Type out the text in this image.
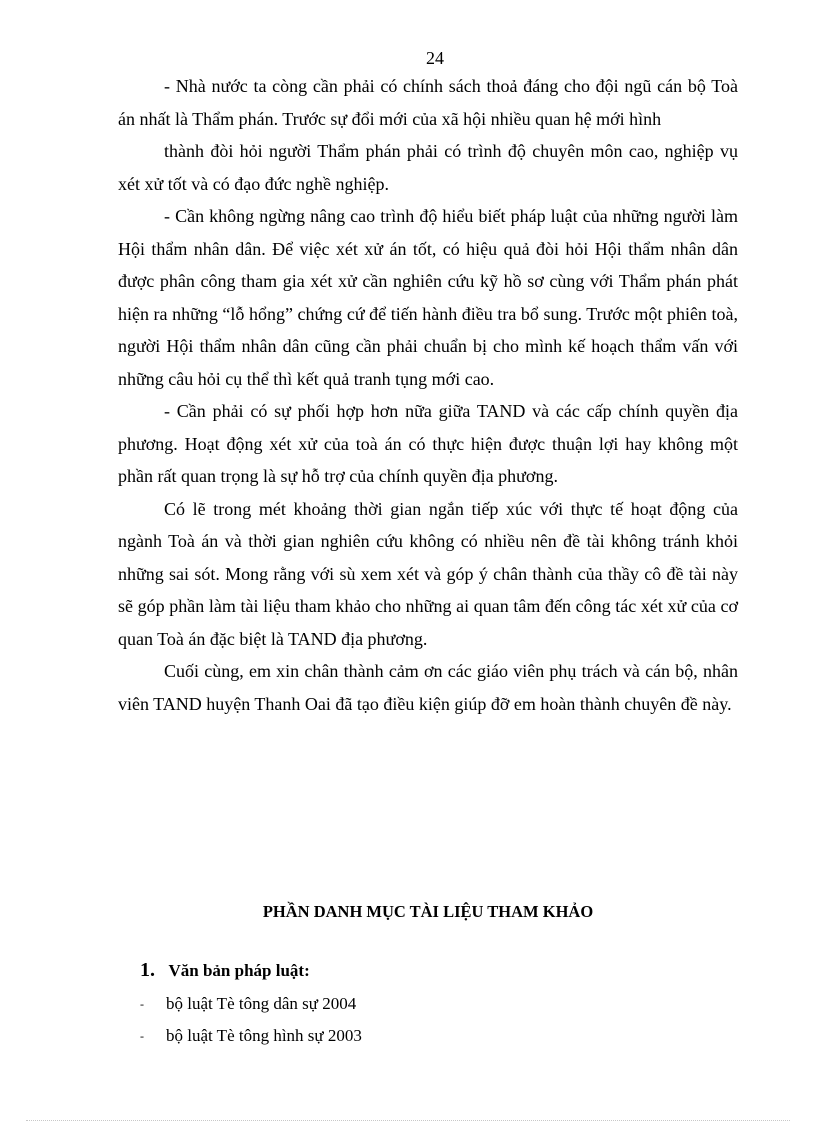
24

- Nhà nước ta còng cần phải có chính sách thoả đáng cho đội ngũ cán bộ Toà án nhất là Thẩm phán. Trước sự đổi mới của xã hội nhiều quan hệ mới hình

thành đòi hỏi người Thẩm phán phải có trình độ chuyên môn cao, nghiệp vụ xét xử tốt và có đạo đức nghề nghiệp.

- Cần không ngừng nâng cao trình độ hiểu biết pháp luật của những người làm Hội thẩm nhân dân. Để việc xét xử án tốt, có hiệu quả đòi hỏi Hội thẩm nhân dân được phân công tham gia xét xử cần nghiên cứu kỹ hồ sơ cùng với Thẩm phán phát hiện ra những “lỗ hổng” chứng cứ để tiến hành điều tra bổ sung. Trước một phiên toà, người Hội thẩm nhân dân cũng cần phải chuẩn bị cho mình kế hoạch thẩm vấn với những câu hỏi cụ thể thì kết quả tranh tụng mới cao.

- Cần phải có sự phối hợp hơn nữa giữa TAND và các cấp chính quyền địa phương. Hoạt động xét xử của toà án có thực hiện được thuận lợi hay không một phần rất quan trọng là sự hỗ trợ của chính quyền địa phương.

Có lẽ trong mét khoảng thời gian ngắn tiếp xúc với thực tế hoạt động của ngành Toà án và thời gian nghiên cứu không có nhiều nên đề tài không tránh khỏi những sai sót. Mong rằng với sù xem xét và góp ý chân thành của thầy cô đề tài này sẽ góp phần làm tài liệu tham khảo cho những ai quan tâm đến công tác xét xử của cơ quan Toà án đặc biệt là TAND địa phương.

Cuối cùng, em xin chân thành cảm ơn các giáo viên phụ trách và cán bộ, nhân viên TAND huyện Thanh Oai đã tạo điều kiện giúp đỡ em hoàn thành chuyên đề này.

PHẦN DANH MỤC TÀI LIỆU THAM KHẢO
1. Văn bản pháp luật:
-	bộ luật Tè tông dân sự 2004
-	bộ luật Tè tông hình sự 2003
